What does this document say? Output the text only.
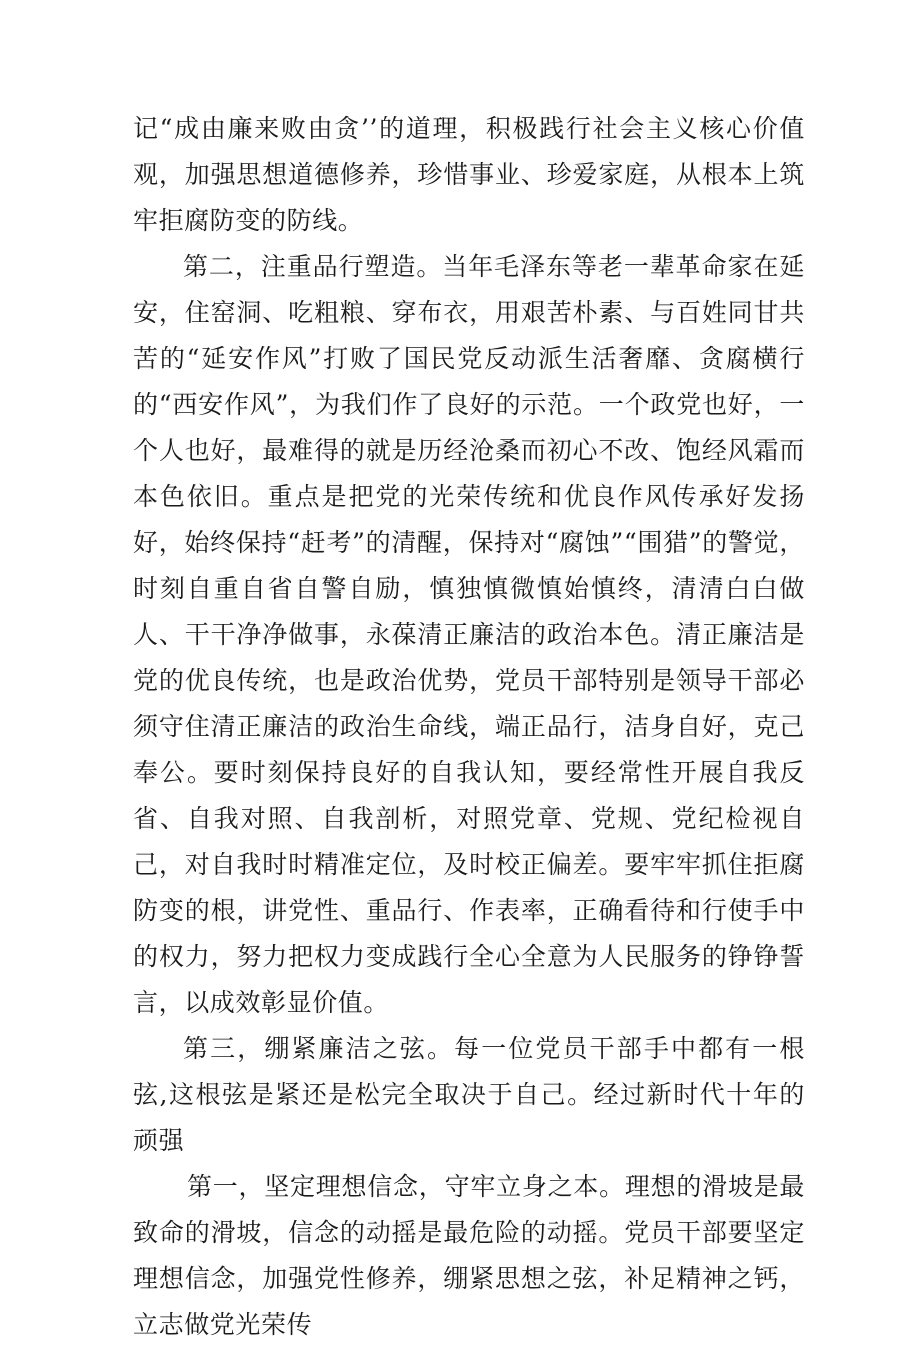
记“成由廉来败由贪’’的道理，积极践行社会主义核心价值观，加强思想道德修养，珍惜事业、珍爱家庭，从根本上筑牢拒腐防变的防线。

第二，注重品行塑造。当年毛泽东等老一辈革命家在延安，住窑洞、吃粗粮、穿布衣，用艰苦朴素、与百姓同甘共苦的“延安作风”打败了国民党反动派生活奢靡、贪腐横行的“西安作风”，为我们作了良好的示范。一个政党也好，一个人也好，最难得的就是历经沧桑而初心不改、饱经风霜而本色依旧。重点是把党的光荣传统和优良作风传承好发扬好，始终保持“赶考”的清醒，保持对“腐蚀”“围猎”的警觉，时刻自重自省自警自励，慎独慎微慎始慎终，清清白白做人、干干净净做事，永葆清正廉洁的政治本色。清正廉洁是党的优良传统，也是政治优势，党员干部特别是领导干部必须守住清正廉洁的政治生命线，端正品行，洁身自好，克己奉公。要时刻保持良好的自我认知，要经常性开展自我反省、自我对照、自我剖析，对照党章、党规、党纪检视自己，对自我时时精准定位，及时校正偏差。要牢牢抓住拒腐防变的根，讲党性、重品行、作表率，正确看待和行使手中的权力，努力把权力变成践行全心全意为人民服务的铮铮誓言，以成效彰显价值。

第三，绷紧廉洁之弦。每一位党员干部手中都有一根弦,这根弦是紧还是松完全取决于自己。经过新时代十年的顽强

第一，坚定理想信念，守牢立身之本。理想的滑坡是最致命的滑坡，信念的动摇是最危险的动摇。党员干部要坚定理想信念，加强党性修养，绷紧思想之弦，补足精神之钙，立志做党光荣传
